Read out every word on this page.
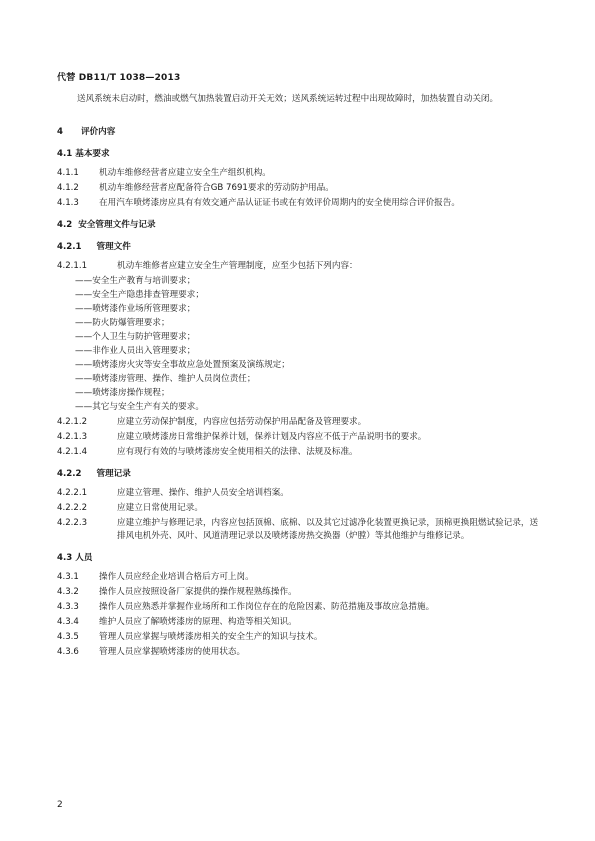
代替 DB11/T 1038—2013

送风系统未启动时，燃油或燃气加热装置启动开关无效；送风系统运转过程中出现故障时，加热装置自动关闭。

4 评价内容
4.1 基本要求
4.1.1	机动车维修经营者应建立安全生产组织机构。
4.1.2	机动车维修经营者应配备符合GB 7691要求的劳动防护用品。
4.1.3	在用汽车喷烤漆房应具有有效交通产品认证证书或在有效评价周期内的安全使用综合评价报告。
4.2 安全管理文件与记录
4.2.1 管理文件
4.2.1.1	机动车维修者应建立安全生产管理制度，应至少包括下列内容：
——安全生产教育与培训要求；
——安全生产隐患排查管理要求；
——喷烤漆作业场所管理要求；
——防火防爆管理要求；
——个人卫生与防护管理要求；
——非作业人员出入管理要求；
——喷烤漆房火灾等安全事故应急处置预案及演练规定；
——喷烤漆房管理、操作、维护人员岗位责任；
——喷烤漆房操作规程；
——其它与安全生产有关的要求。
4.2.1.2	应建立劳动保护制度，内容应包括劳动保护用品配备及管理要求。
4.2.1.3	应建立喷烤漆房日常维护保养计划，保养计划及内容应不低于产品说明书的要求。
4.2.1.4	应有现行有效的与喷烤漆房安全使用相关的法律、法规及标准。
4.2.2 管理记录
4.2.2.1	应建立管理、操作、维护人员安全培训档案。
4.2.2.2	应建立日常使用记录。
4.2.2.3	应建立维护与修理记录，内容应包括顶棉、底棉、以及其它过滤净化装置更换记录，顶棉更换阻燃试验记录，送排风电机外壳、风叶、风道清理记录以及喷烤漆房热交换器（炉膛）等其他维护与维修记录。
4.3 人员
4.3.1	操作人员应经企业培训合格后方可上岗。
4.3.2	操作人员应按照设备厂家提供的操作规程熟练操作。
4.3.3	操作人员应熟悉并掌握作业场所和工作岗位存在的危险因素、防范措施及事故应急措施。
4.3.4	维护人员应了解喷烤漆房的原理、构造等相关知识。
4.3.5	管理人员应掌握与喷烤漆房相关的安全生产的知识与技术。
4.3.6	管理人员应掌握喷烤漆房的使用状态。
2
